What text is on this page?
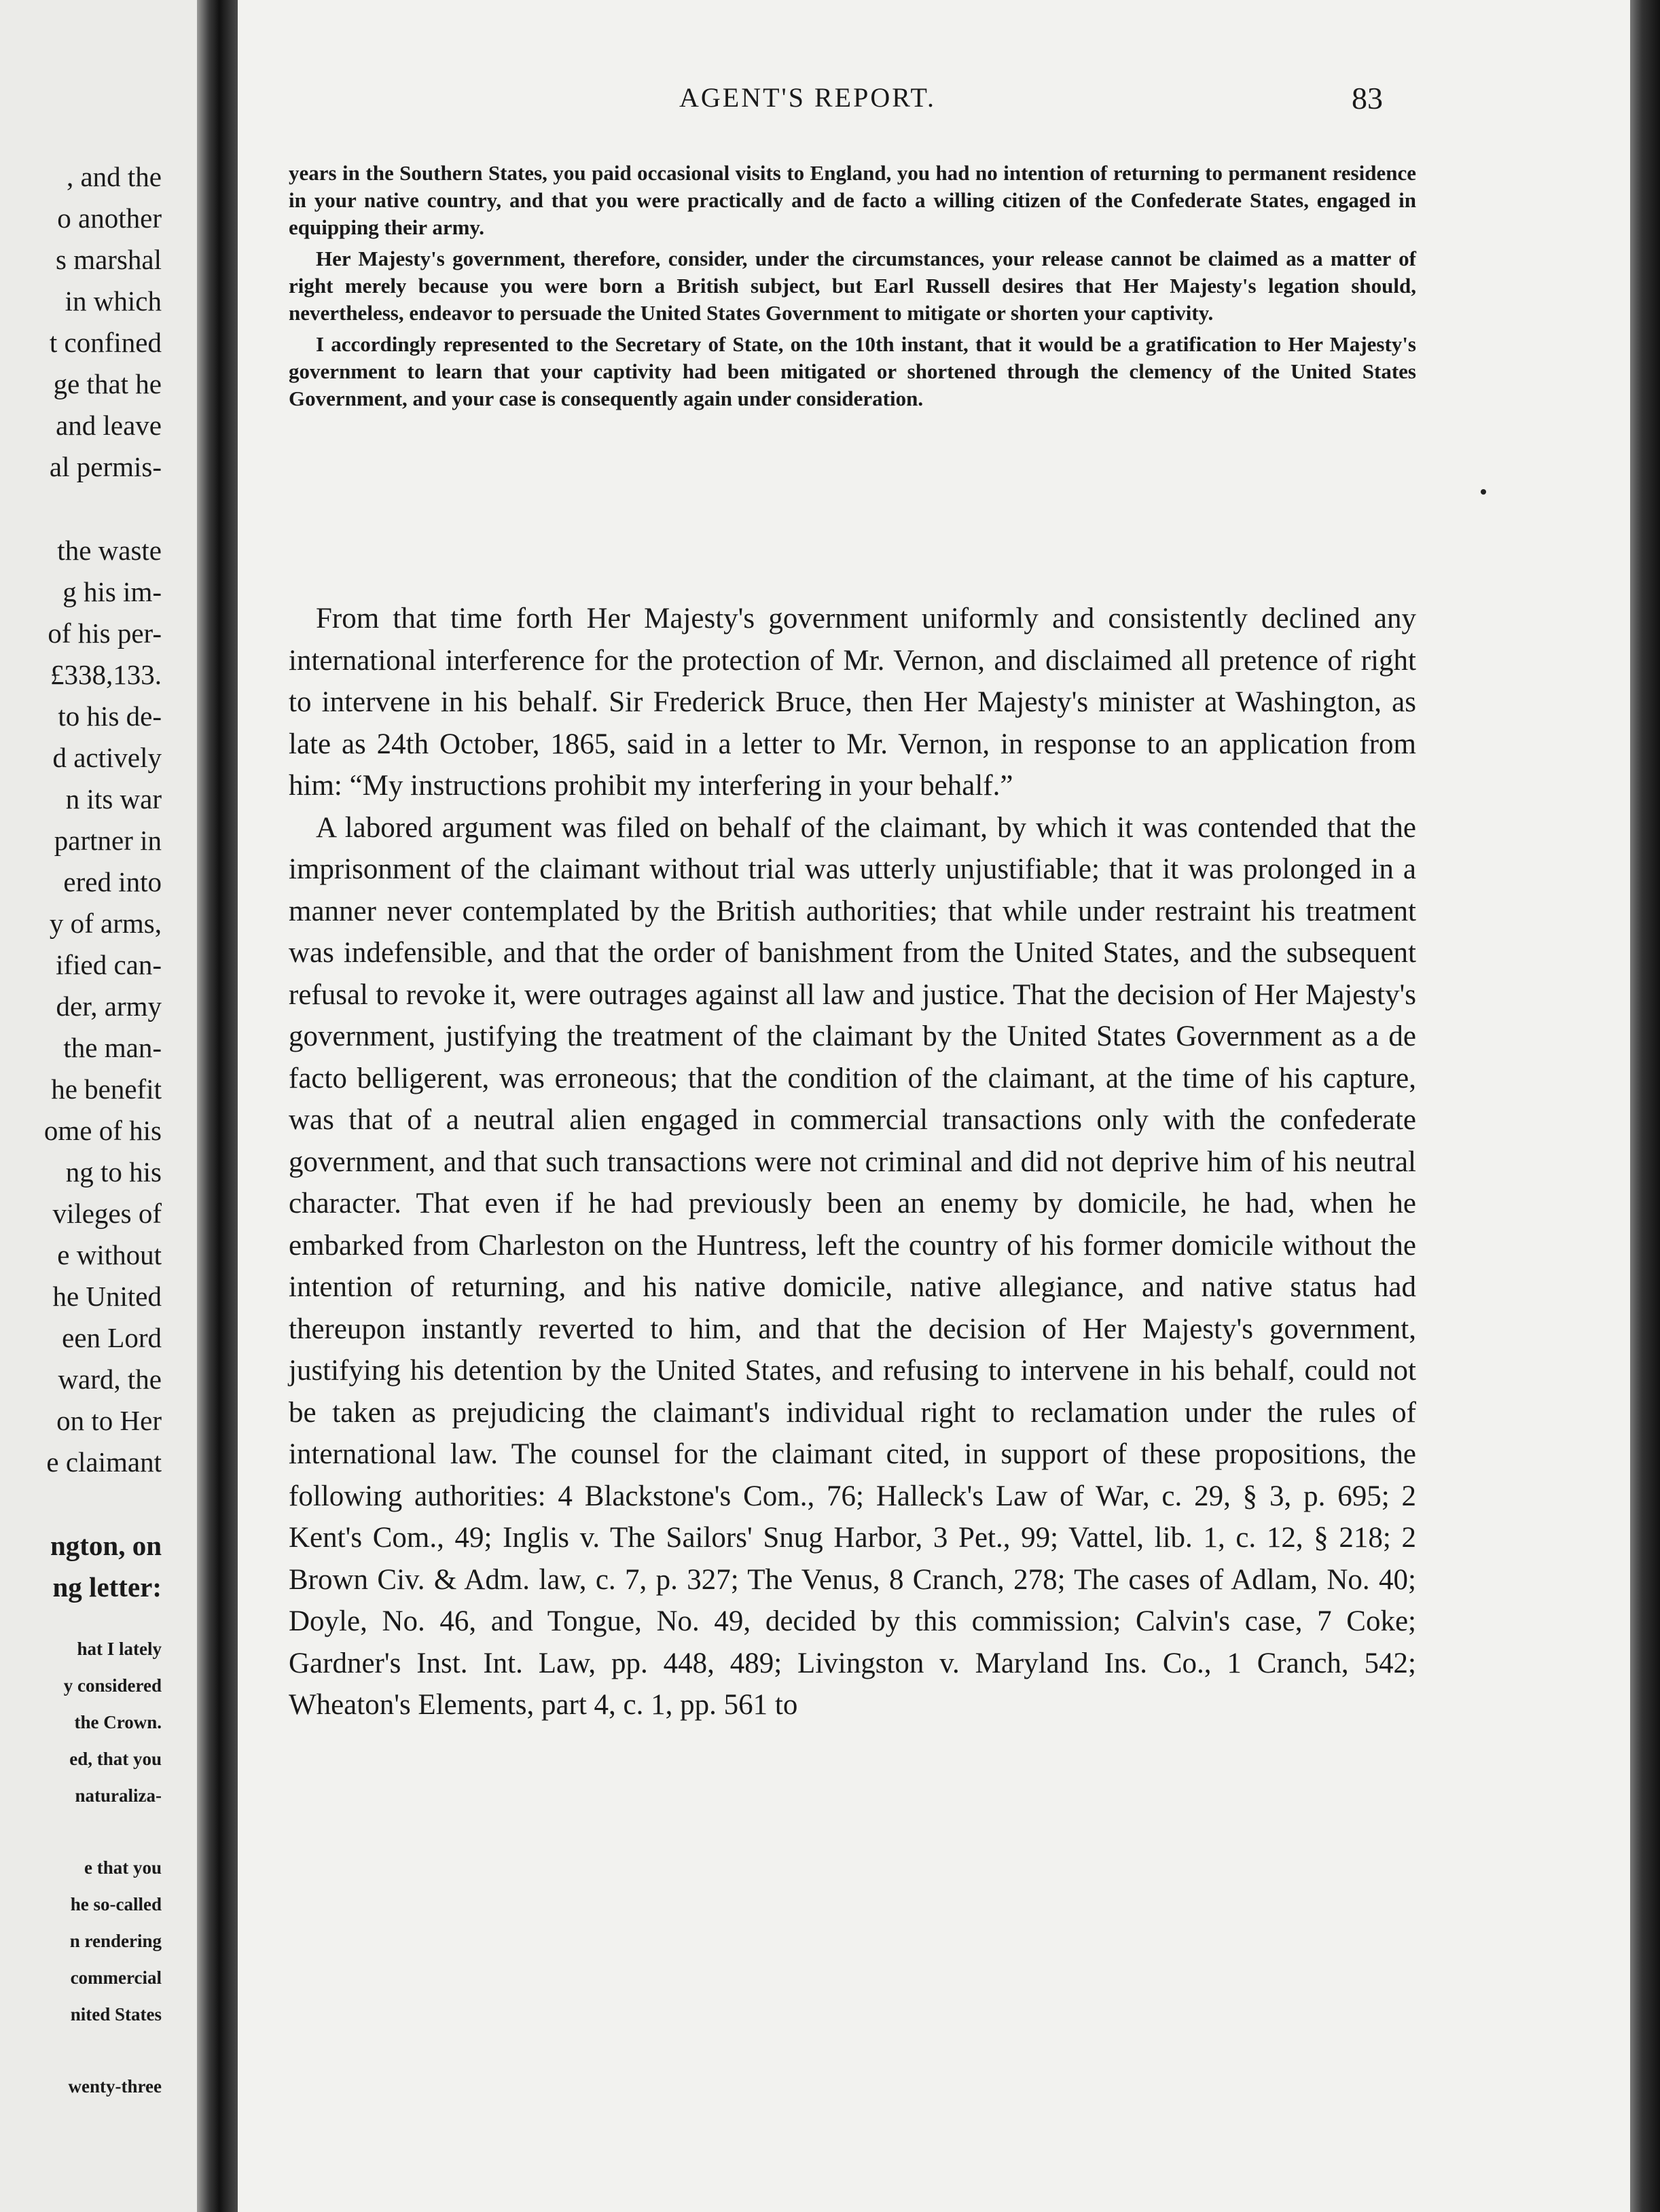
, and the
o another
s marshal
in which
t confined
ge that he
and leave
al permis-
the waste
g his im-
of his per-
£338,133.
to his de-
d actively
n its war
partner in
ered into
y of arms,
ified can-
der, army
the man-
he benefit
ome of his
ng to his
vileges of
e without
he United
een Lord
ward, the
on to Her
e claimant
ngton, on
ng letter:
hat I lately
y considered
the Crown.
ed, that you
naturaliza-
e that you
he so-called
n rendering
commercial
nited States
wenty-three
AGENT'S REPORT.	83

years in the Southern States, you paid occasional visits to England, you had no intention of returning to permanent residence in your native country, and that you were practically and de facto a willing citizen of the Confederate States, engaged in equipping their army.

Her Majesty's government, therefore, consider, under the circumstances, your release cannot be claimed as a matter of right merely because you were born a British subject, but Earl Russell desires that Her Majesty's legation should, nevertheless, endeavor to persuade the United States Government to mitigate or shorten your captivity.

I accordingly represented to the Secretary of State, on the 10th instant, that it would be a gratification to Her Majesty's government to learn that your captivity had been mitigated or shortened through the clemency of the United States Government, and your case is consequently again under consideration.

From that time forth Her Majesty's government uniformly and consistently declined any international interference for the protection of Mr. Vernon, and disclaimed all pretence of right to intervene in his behalf. Sir Frederick Bruce, then Her Majesty's minister at Washington, as late as 24th October, 1865, said in a letter to Mr. Vernon, in response to an application from him: “My instructions prohibit my interfering in your behalf.”

A labored argument was filed on behalf of the claimant, by which it was contended that the imprisonment of the claimant without trial was utterly unjustifiable; that it was prolonged in a manner never contemplated by the British authorities; that while under restraint his treatment was indefensible, and that the order of banishment from the United States, and the subsequent refusal to revoke it, were outrages against all law and justice. That the decision of Her Majesty's government, justifying the treatment of the claimant by the United States Government as a de facto belligerent, was erroneous; that the condition of the claimant, at the time of his capture, was that of a neutral alien engaged in commercial transactions only with the confederate government, and that such transactions were not criminal and did not deprive him of his neutral character. That even if he had previously been an enemy by domicile, he had, when he embarked from Charleston on the Huntress, left the country of his former domicile without the intention of returning, and his native domicile, native allegiance, and native status had thereupon instantly reverted to him, and that the decision of Her Majesty's government, justifying his detention by the United States, and refusing to intervene in his behalf, could not be taken as prejudicing the claimant's individual right to reclamation under the rules of international law. The counsel for the claimant cited, in support of these propositions, the following authorities: 4 Blackstone's Com., 76; Halleck's Law of War, c. 29, § 3, p. 695; 2 Kent's Com., 49; Inglis v. The Sailors' Snug Harbor, 3 Pet., 99; Vattel, lib. 1, c. 12, § 218; 2 Brown Civ. & Adm. law, c. 7, p. 327; The Venus, 8 Cranch, 278; The cases of Adlam, No. 40; Doyle, No. 46, and Tongue, No. 49, decided by this commission; Calvin's case, 7 Coke; Gardner's Inst. Int. Law, pp. 448, 489; Livingston v. Maryland Ins. Co., 1 Cranch, 542; Wheaton's Elements, part 4, c. 1, pp. 561 to
